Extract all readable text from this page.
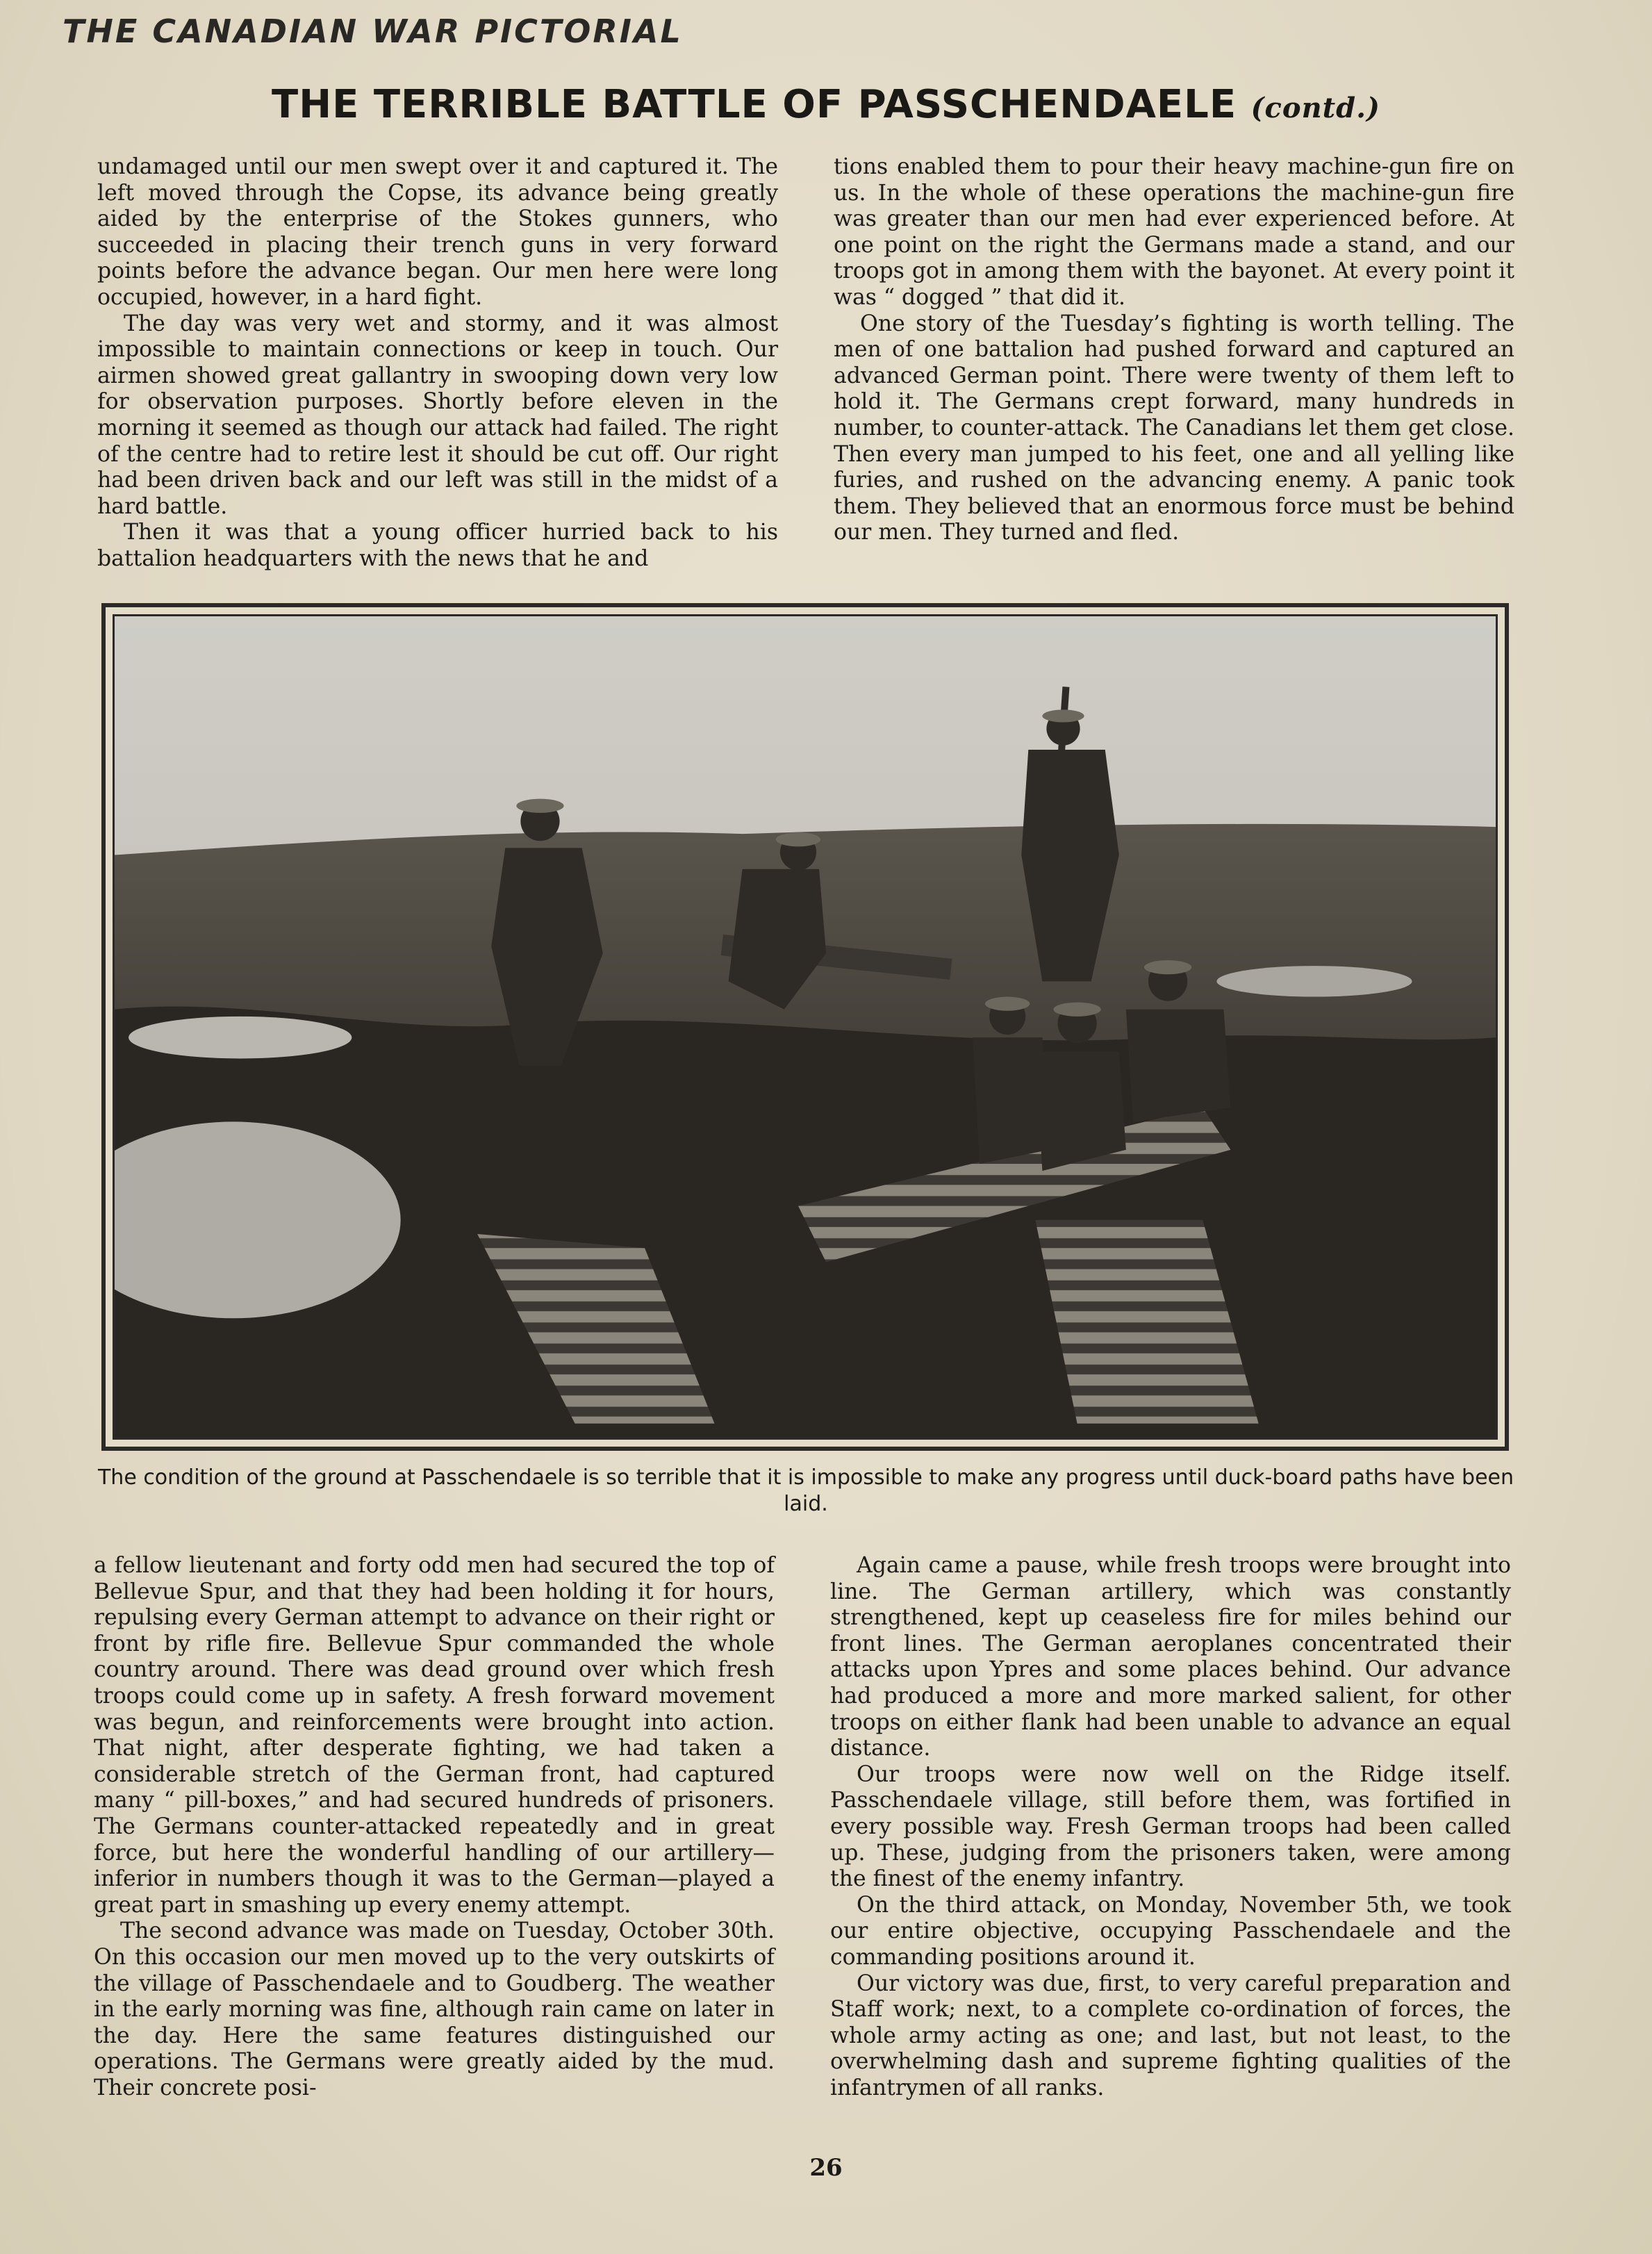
THE CANADIAN WAR PICTORIAL
THE TERRIBLE BATTLE OF PASSCHENDAELE (contd.)

undamaged until our men swept over it and captured it. The left moved through the Copse, its advance being greatly aided by the enterprise of the Stokes gunners, who succeeded in placing their trench guns in very forward points before the advance began. Our men here were long occupied, however, in a hard fight.

The day was very wet and stormy, and it was almost impossible to maintain connections or keep in touch. Our airmen showed great gallantry in swooping down very low for observation purposes. Shortly before eleven in the morning it seemed as though our attack had failed. The right of the centre had to retire lest it should be cut off. Our right had been driven back and our left was still in the midst of a hard battle.

Then it was that a young officer hurried back to his battalion headquarters with the news that he and

tions enabled them to pour their heavy machine-gun fire on us. In the whole of these operations the machine-gun fire was greater than our men had ever experienced before. At one point on the right the Germans made a stand, and our troops got in among them with the bayonet. At every point it was “ dogged ” that did it.

One story of the Tuesday’s fighting is worth telling. The men of one battalion had pushed forward and captured an advanced German point. There were twenty of them left to hold it. The Germans crept forward, many hundreds in number, to counter-attack. The Canadians let them get close. Then every man jumped to his feet, one and all yelling like furies, and rushed on the advancing enemy. A panic took them. They believed that an enormous force must be behind our men. They turned and fled.

The condition of the ground at Passchendaele is so terrible that it is impossible to make any progress until duck-board paths have been laid.

a fellow lieutenant and forty odd men had secured the top of Bellevue Spur, and that they had been holding it for hours, repulsing every German attempt to advance on their right or front by rifle fire. Bellevue Spur commanded the whole country around. There was dead ground over which fresh troops could come up in safety. A fresh forward movement was begun, and reinforcements were brought into action. That night, after desperate fighting, we had taken a considerable stretch of the German front, had captured many “ pill-boxes,” and had secured hundreds of prisoners. The Germans counter-attacked repeatedly and in great force, but here the wonderful handling of our artillery—inferior in numbers though it was to the German—played a great part in smashing up every enemy attempt.

The second advance was made on Tuesday, October 30th. On this occasion our men moved up to the very outskirts of the village of Passchendaele and to Goudberg. The weather in the early morning was fine, although rain came on later in the day. Here the same features distinguished our operations. The Germans were greatly aided by the mud. Their concrete posi-

Again came a pause, while fresh troops were brought into line. The German artillery, which was constantly strengthened, kept up ceaseless fire for miles behind our front lines. The German aeroplanes concentrated their attacks upon Ypres and some places behind. Our advance had produced a more and more marked salient, for other troops on either flank had been unable to advance an equal distance.

Our troops were now well on the Ridge itself. Passchendaele village, still before them, was fortified in every possible way. Fresh German troops had been called up. These, judging from the prisoners taken, were among the finest of the enemy infantry.

On the third attack, on Monday, November 5th, we took our entire objective, occupying Passchendaele and the commanding positions around it.

Our victory was due, first, to very careful preparation and Staff work; next, to a complete co-ordination of forces, the whole army acting as one; and last, but not least, to the overwhelming dash and supreme fighting qualities of the infantrymen of all ranks.

26
